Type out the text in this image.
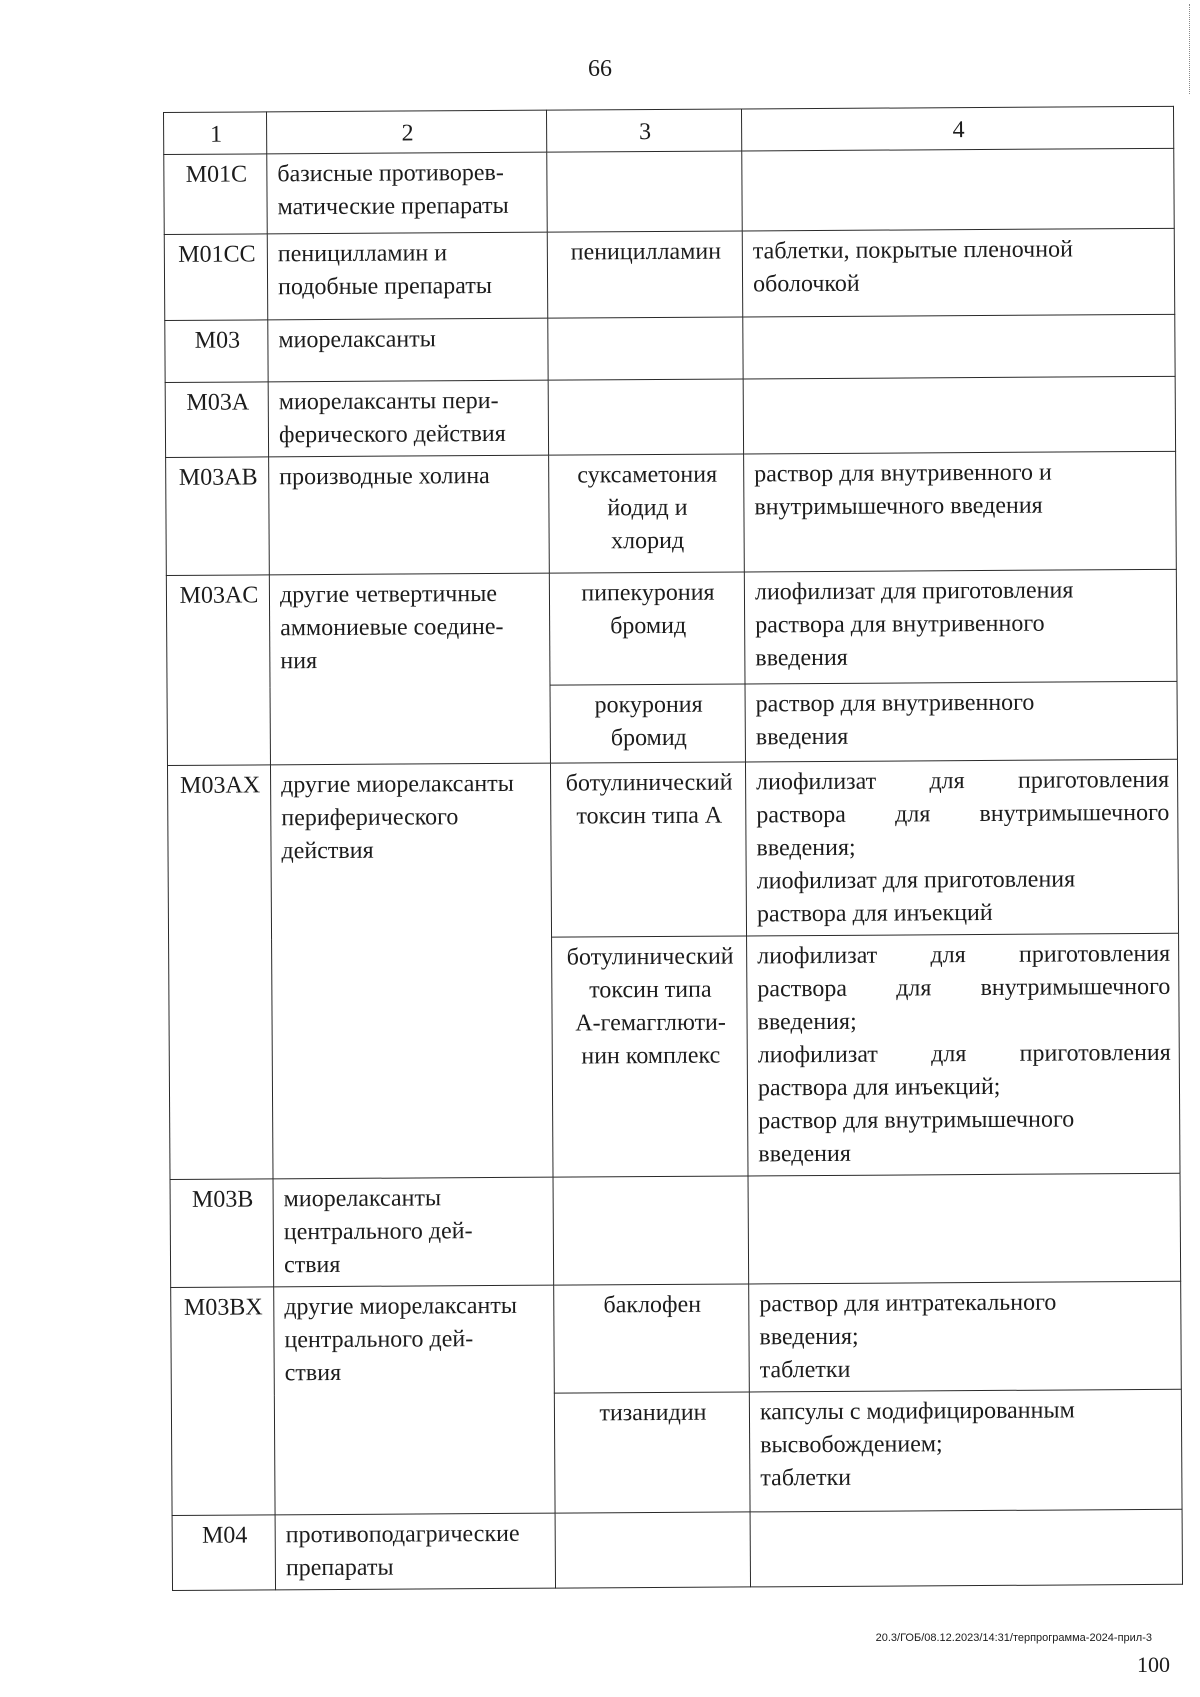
66
1	2	3	4
M01C	базисные противорев-
матические препараты		
M01CC	пеницилламин и
подобные препараты	пеницилламин	таблетки, покрытые пленочной
оболочкой
M03	миорелаксанты		
M03A	миорелаксанты пери-
ферического действия		
M03AB	производные холина	суксаметония
йодид и
хлорид	раствор для внутривенного и
внутримышечного введения
M03AC	другие четвертичные
аммониевые соедине-
ния	пипекурония
бромид	лиофилизат для приготовления
раствора для внутривенного
введения
		рокурония
бромид	раствор для внутривенного
введения
M03AX	другие миорелаксанты
периферического
действия	ботулинический
токсин типа А	лиофилизат для приготовления раствора для внутримышечного введения;
лиофилизат для приготовления
раствора для инъекций
		ботулинический
токсин типа
А-гемагглюти-
нин комплекс	лиофилизат для приготовления раствора для внутримышечного введения;
лиофилизат для приготовления раствора для инъекций;
раствор для внутримышечного
введения
M03B	миорелаксанты
центрального дей-
ствия		
M03BX	другие миорелаксанты
центрального дей-
ствия	баклофен	раствор для интратекального
введения;
таблетки
		тизанидин	капсулы с модифицированным
высвобождением;
таблетки
M04	противоподагрические
препараты		
20.3/ГОБ/08.12.2023/14:31/терпрограмма-2024-прил-3
100
